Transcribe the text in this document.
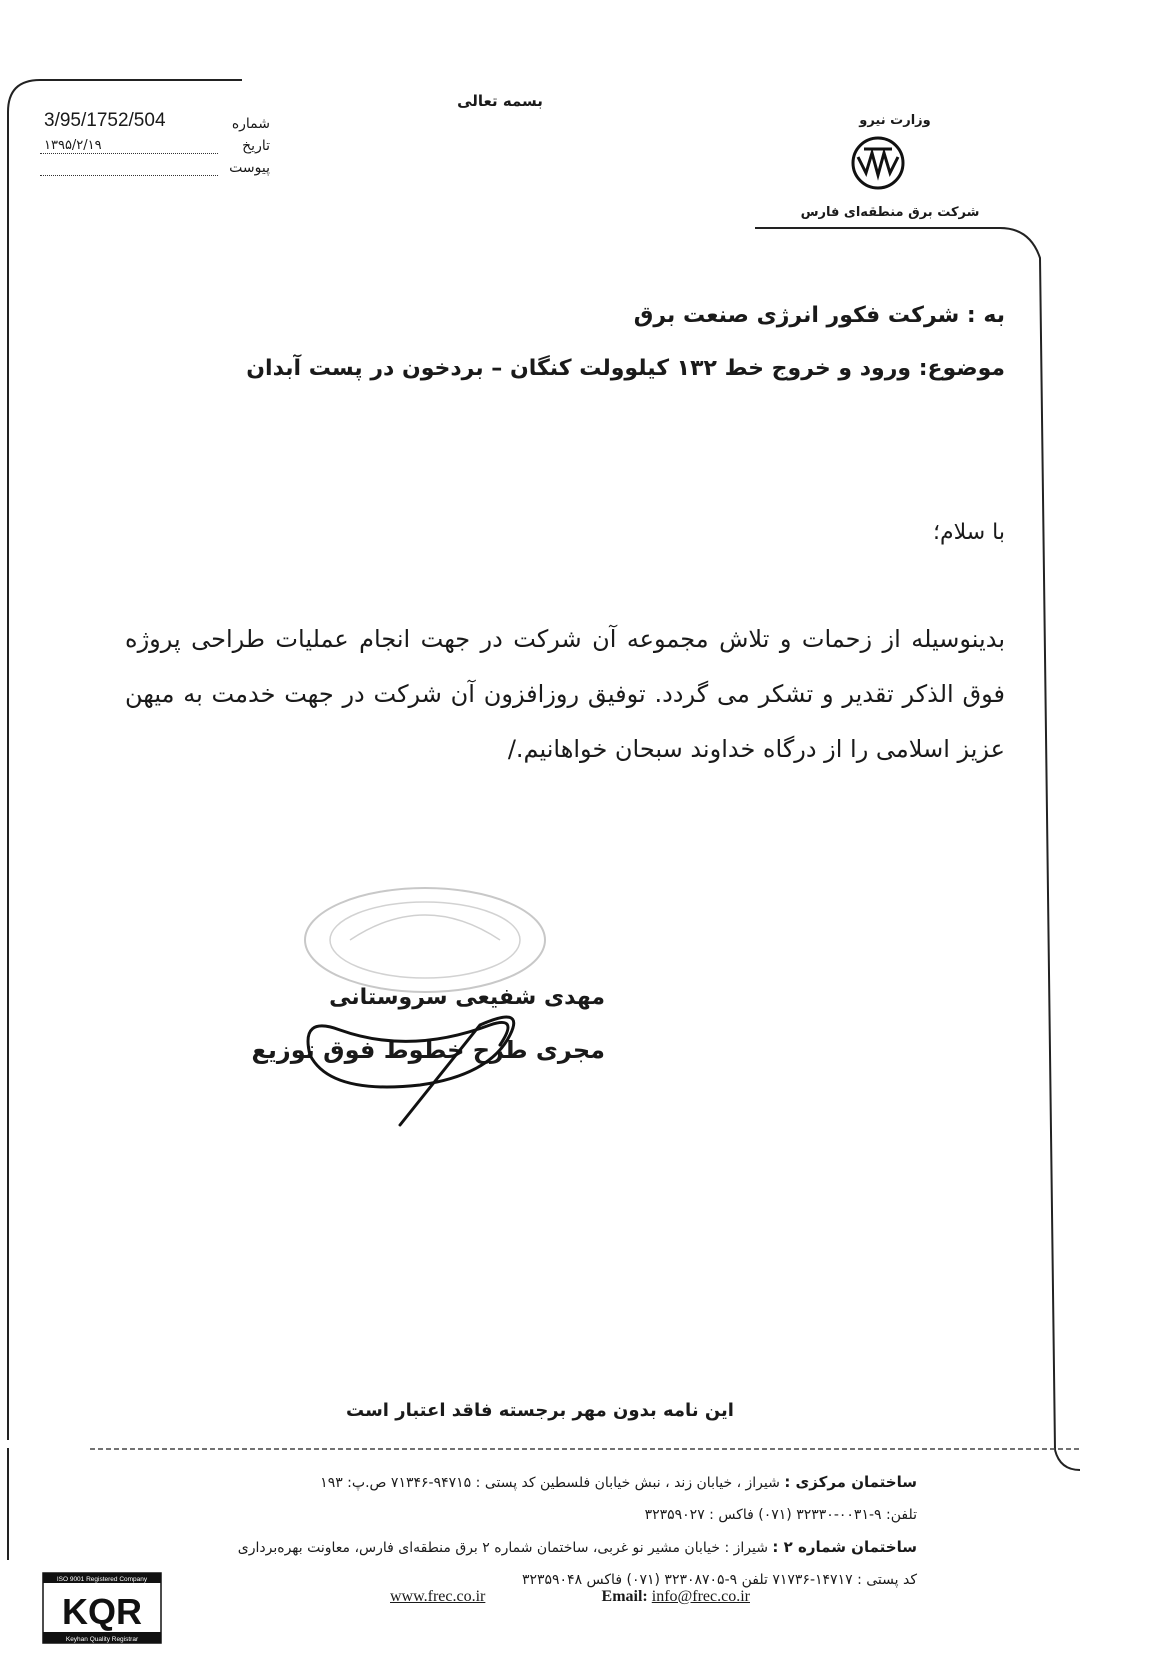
بسمه تعالی
شماره
3/95/1752/504
تاریخ
۱۳۹۵/۲/۱۹
پیوست
وزارت نیرو
شرکت برق منطقه‌ای فارس
به : شرکت فکور انرژی صنعت برق
موضوع: ورود و خروج خط ۱۳۲ کیلوولت کنگان – بردخون در پست آبدان
با سلام؛
بدینوسیله از زحمات و تلاش مجموعه آن شرکت در جهت انجام عملیات طراحی پروژه فوق الذکر تقدیر و تشکر می گردد. توفیق روزافزون آن شرکت در جهت خدمت به میهن عزیز اسلامی را از درگاه خداوند سبحان خواهانیم./
مهدی شفیعی سروستانی
مجری طرح خطوط فوق توزیع
این نامه بدون مهر برجسته فاقد اعتبار است
ساختمان مرکزی : شیراز ، خیابان زند ، نبش خیابان فلسطین کد پستی : ۹۴۷۱۵-۷۱۳۴۶ ص.پ: ۱۹۳
تلفن: ۹-۰۰۳۱-۳۲۳۳۰ (۰۷۱) فاکس : ۳۲۳۵۹۰۲۷
ساختمان شماره ۲ : شیراز : خیابان مشیر نو غربی، ساختمان شماره ۲ برق منطقه‌ای فارس، معاونت بهره‌برداری
کد پستی : ۱۴۷۱۷-۷۱۷۳۶ تلفن ۹-۳۲۳۰۸۷۰۵ (۰۷۱) فاکس ۳۲۳۵۹۰۴۸
www.frec.co.ir	Email: info@frec.co.ir
ISO 9001 Registered Company
KQR
Keyhan Quality Registrar
